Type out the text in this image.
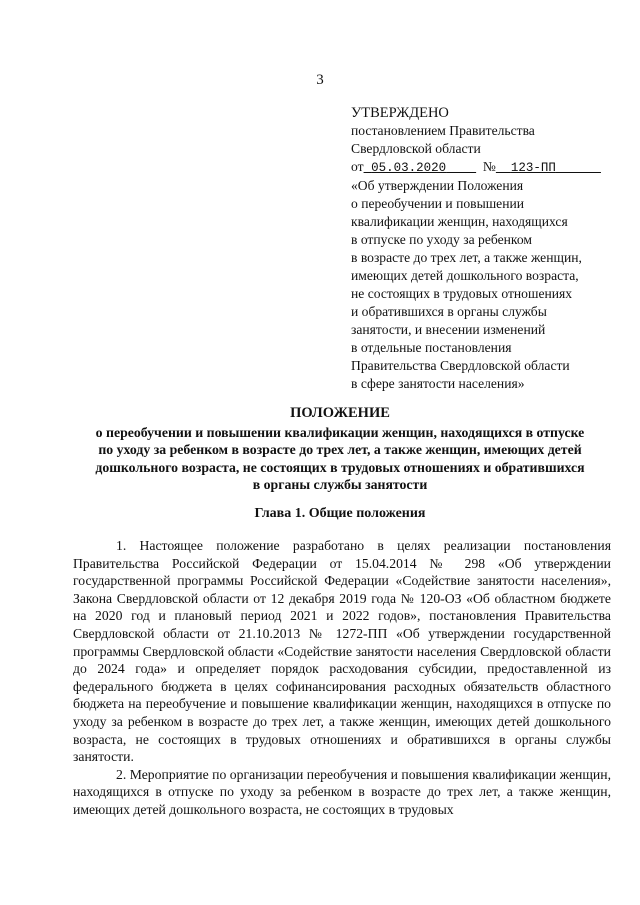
3
УТВЕРЖДЕНО
постановлением Правительства
Свердловской области
от 05.03.2020	№ 123-ПП
«Об утверждении Положения
о переобучении и повышении
квалификации женщин, находящихся
в отпуске по уходу за ребенком
в возрасте до трех лет, а также женщин,
имеющих детей дошкольного возраста,
не состоящих в трудовых отношениях
и обратившихся в органы службы
занятости, и внесении изменений
в отдельные постановления
Правительства Свердловской области
в сфере занятости населения»
ПОЛОЖЕНИЕ
о переобучении и повышении квалификации женщин, находящихся в отпуске
по уходу за ребенком в возрасте до трех лет, а также женщин, имеющих детей
дошкольного возраста, не состоящих в трудовых отношениях и обратившихся
в органы службы занятости
Глава 1. Общие положения

1. Настоящее положение разработано в целях реализации постановления Правительства Российской Федерации от 15.04.2014 № 298 «Об утверждении государственной программы Российской Федерации «Содействие занятости населения», Закона Свердловской области от 12 декабря 2019 года № 120-ОЗ «Об областном бюджете на 2020 год и плановый период 2021 и 2022 годов», постановления Правительства Свердловской области от 21.10.2013 № 1272-ПП «Об утверждении государственной программы Свердловской области «Содействие занятости населения Свердловской области до 2024 года» и определяет порядок расходования субсидии, предоставленной из федерального бюджета в целях софинансирования расходных обязательств областного бюджета на переобучение и повышение квалификации женщин, находящихся в отпуске по уходу за ребенком в возрасте до трех лет, а также женщин, имеющих детей дошкольного возраста, не состоящих в трудовых отношениях и обратившихся в органы службы занятости.

2. Мероприятие по организации переобучения и повышения квалификации женщин, находящихся в отпуске по уходу за ребенком в возрасте до трех лет, а также женщин, имеющих детей дошкольного возраста, не состоящих в трудовых
